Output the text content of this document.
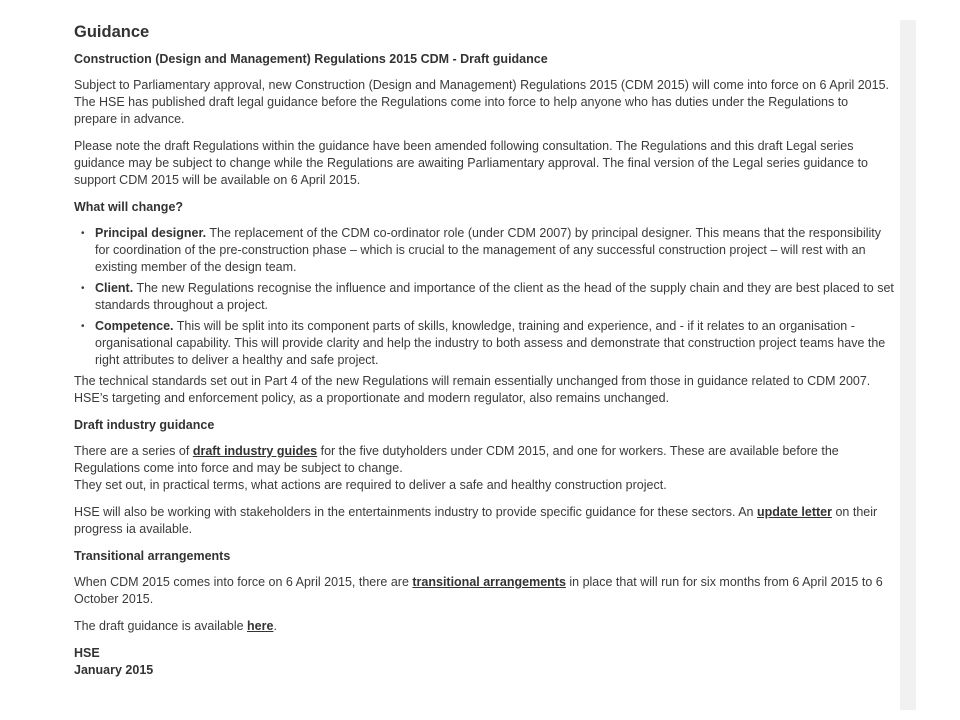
Guidance
Construction (Design and Management) Regulations 2015 CDM - Draft guidance

Subject to Parliamentary approval, new Construction (Design and Management) Regulations 2015 (CDM 2015) will come into force on 6 April 2015. The HSE has published draft legal guidance before the Regulations come into force to help anyone who has duties under the Regulations to prepare in advance.

Please note the draft Regulations within the guidance have been amended following consultation. The Regulations and this draft Legal series guidance may be subject to change while the Regulations are awaiting Parliamentary approval. The final version of the Legal series guidance to support CDM 2015 will be available on 6 April 2015.

What will change?
• Principal designer. The replacement of the CDM co-ordinator role (under CDM 2007) by principal designer. This means that the responsibility for coordination of the pre-construction phase – which is crucial to the management of any successful construction project – will rest with an existing member of the design team.
• Client. The new Regulations recognise the influence and importance of the client as the head of the supply chain and they are best placed to set standards throughout a project.
• Competence. This will be split into its component parts of skills, knowledge, training and experience, and - if it relates to an organisation - organisational capability. This will provide clarity and help the industry to both assess and demonstrate that construction project teams have the right attributes to deliver a healthy and safe project.

The technical standards set out in Part 4 of the new Regulations will remain essentially unchanged from those in guidance related to CDM 2007. HSE’s targeting and enforcement policy, as a proportionate and modern regulator, also remains unchanged.

Draft industry guidance

There are a series of draft industry guides for the five dutyholders under CDM 2015, and one for workers. These are available before the Regulations come into force and may be subject to change.

They set out, in practical terms, what actions are required to deliver a safe and healthy construction project.

HSE will also be working with stakeholders in the entertainments industry to provide specific guidance for these sectors. An update letter on their progress ia available.

Transitional arrangements

When CDM 2015 comes into force on 6 April 2015, there are transitional arrangements in place that will run for six months from 6 April 2015 to 6 October 2015.

The draft guidance is available here.

HSE

January 2015
